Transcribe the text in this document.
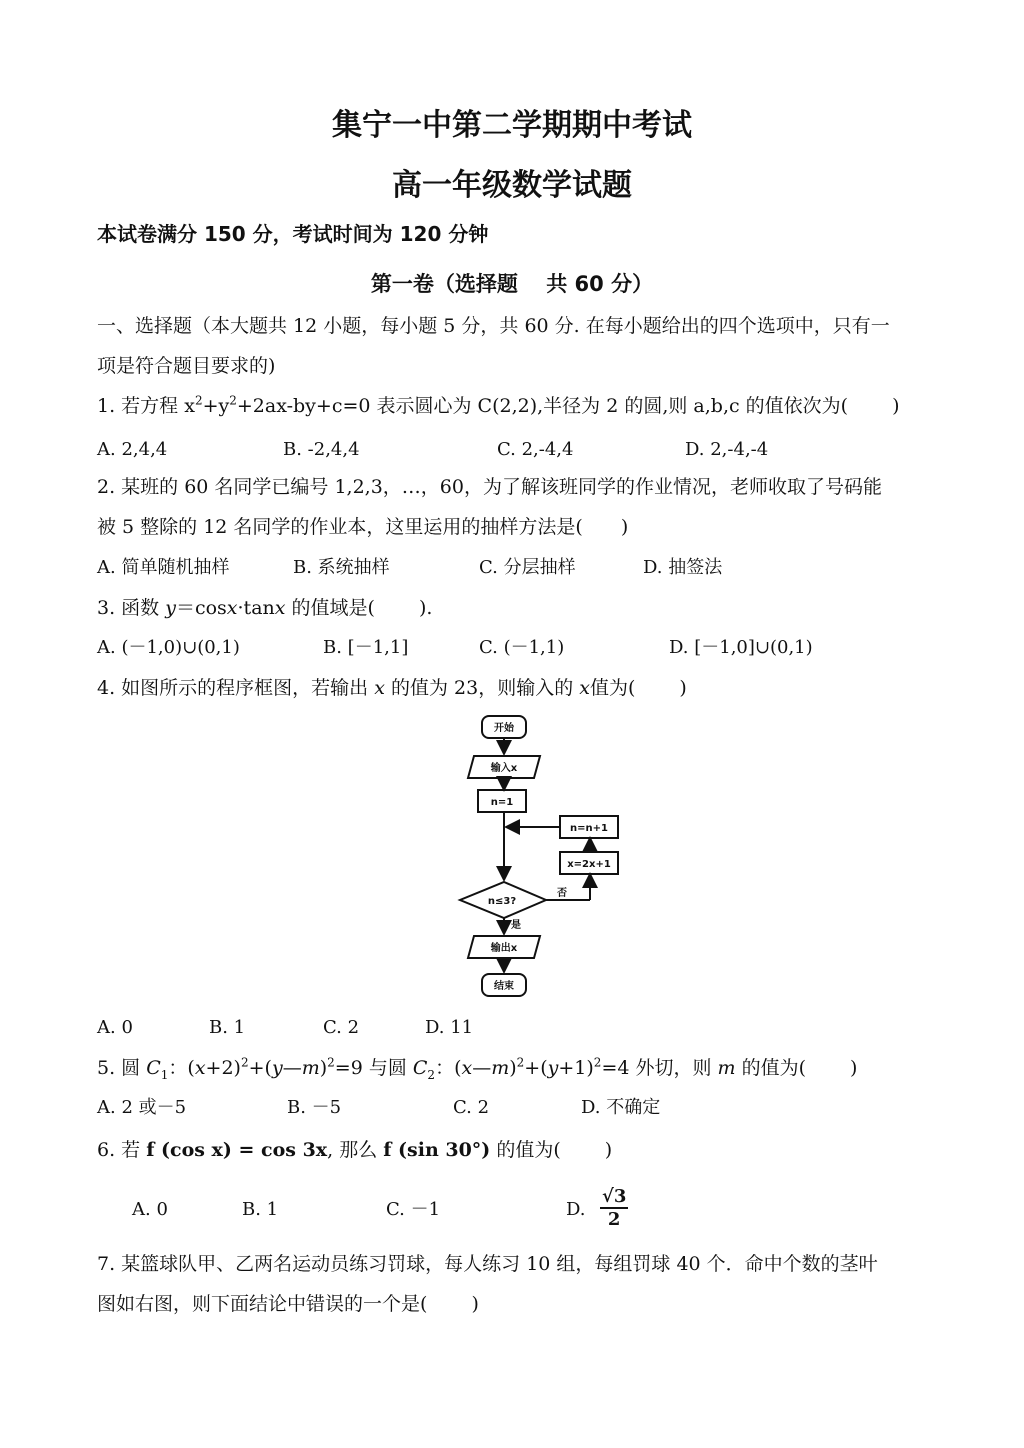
集宁一中第二学期期中考试
高一年级数学试题
本试卷满分 150 分，考试时间为 120 分钟
第一卷（选择题　 共 60 分）
一、选择题（本大题共 12 小题，每小题 5 分，共 60 分. 在每小题给出的四个选项中，只有一
项是符合题目要求的)
1. 若方程 $x^2+y^2+2ax-by+c=0$ 表示圆心为 C(2,2),半径为 2 的圆,则 a,b,c 的值依次为(　　 )
A. 2,4,4	B. -2,4,4	C. 2,-4,4	D. 2,-4,-4
2. 某班的 60 名同学已编号 1,2,3，…，60，为了解该班同学的作业情况，老师收取了号码能
被 5 整除的 12 名同学的作业本，这里运用的抽样方法是(　　)
A. 简单随机抽样	B. 系统抽样	C. 分层抽样	D. 抽签法
3. 函数 y＝cosx·tanx 的值域是(　　 ).
A. (－1,0)∪(0,1)	B. [－1,1]	C. (－1,1)	D. [－1,0]∪(0,1)
4. 如图所示的程序框图，若输出 x 的值为 23，则输入的 x值为(　　 )
开始
输入x
n=1
n=n+1
x=2x+1
n≤3?
否
是
输出x
结束
A. 0	B. 1	C. 2	D. 11
5. 圆 $C_1$：$(x+2)^2+(y—m)^2=9$ 与圆 $C_2$：$(x—m)^2+(y+1)^2=4$ 外切，则 m 的值为(　　 )
A. 2 或－5	B. －5	C. 2	D. 不确定
6. 若 f (cos x) = cos 3x, 那么 f (sin 30°) 的值为(　　 )
A. 0	B. 1	C. －1	D. $\frac{√3}{2}$
7. 某篮球队甲、乙两名运动员练习罚球，每人练习 10 组，每组罚球 40 个．命中个数的茎叶
图如右图，则下面结论中错误的一个是(　　 )
